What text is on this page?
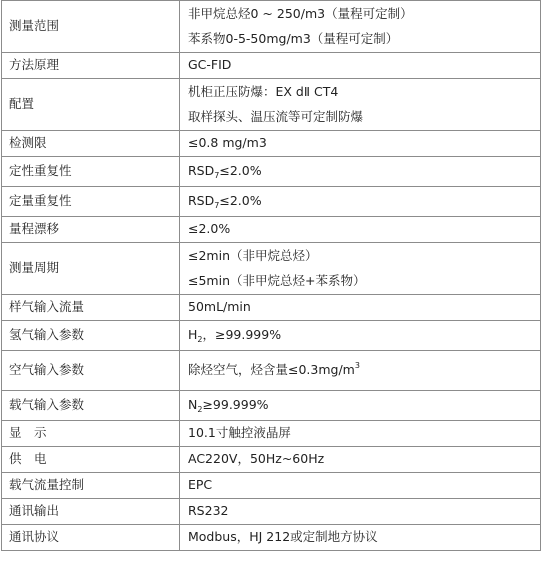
测量范围	非甲烷总烃0 ~ 250/m3（量程可定制）
苯系物0-5-50mg/m3（量程可定制）

方法原理	GC-FID

配置	机柜正压防爆：EX dⅡ CT4
取样探头、温压流等可定制防爆

检测限	≤0.8 mg/m3

定性重复性	$RSD_7\le 2.0\%$

定量重复性	$RSD_7\le 2.0\%$

量程漂移	≤2.0%

测量周期	≤2min（非甲烷总烃）
≤5min（非甲烷总烃+苯系物）

样气输入流量	50mL/min

氢气输入参数	$H_2$，≥99.999%

空气输入参数	除烃空气，烃含量$\le 0.3mg/m^3$

载气输入参数	$N_2\ge 99.999\%$

显　示	10.1寸触控液晶屏

供　电	AC220V，50Hz~60Hz

载气流量控制	EPC

通讯输出	RS232

通讯协议	Modbus，HJ 212或定制地方协议
